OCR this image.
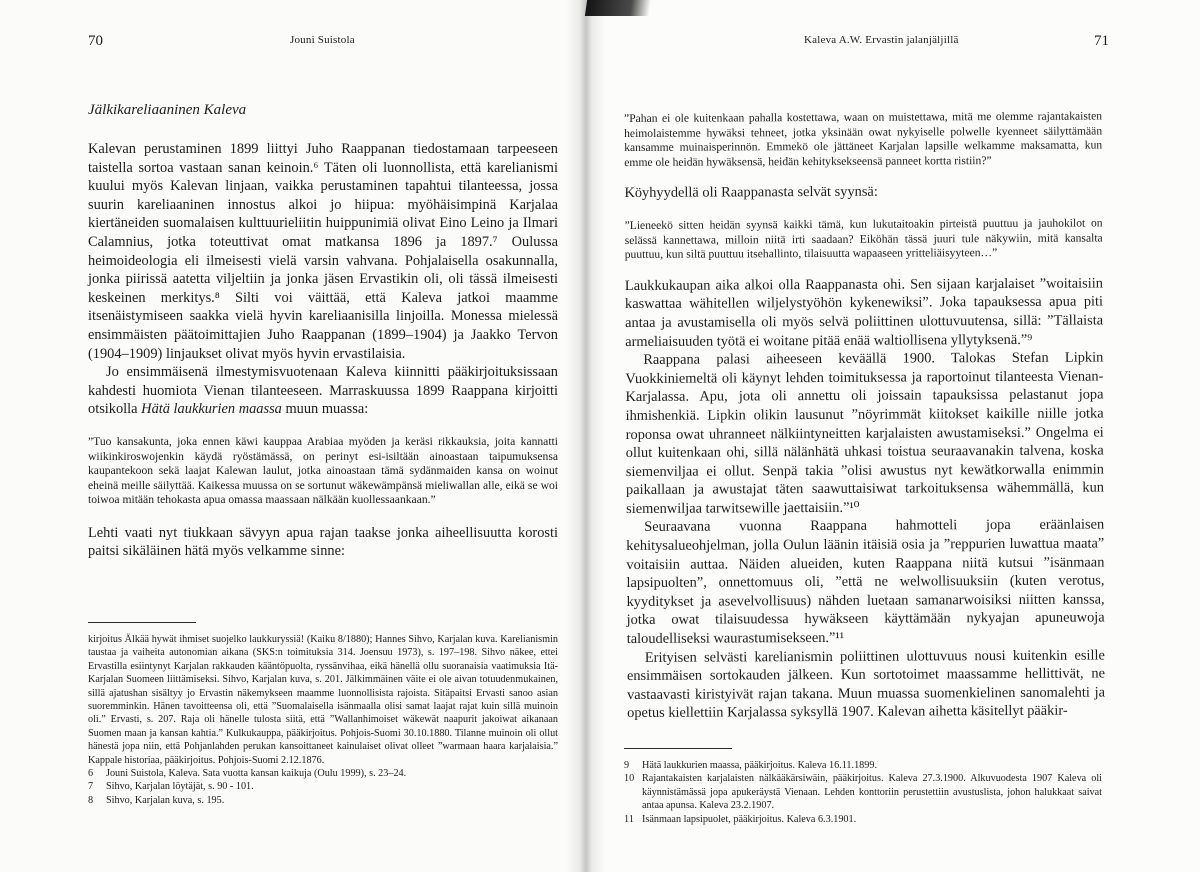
70	Jouni Suistola
Jälkikareliaaninen Kaleva

Kalevan perustaminen 1899 liittyi Juho Raappanan tiedostamaan tarpeeseen taistella sortoa vastaan sanan keinoin.⁶ Täten oli luonnollista, että karelianismi kuului myös Kalevan linjaan, vaikka perustaminen tapahtui tilanteessa, jossa suurin kareliaaninen innostus alkoi jo hiipua: myöhäisimpinä Karjalaa kiertäneiden suomalaisen kulttuurieliitin huippunimiä olivat Eino Leino ja Ilmari Calamnius, jotka toteuttivat omat matkansa 1896 ja 1897.⁷ Oulussa heimoideologia eli ilmeisesti vielä varsin vahvana. Pohjalaisella osakunnalla, jonka piirissä aatetta viljeltiin ja jonka jäsen Ervastikin oli, oli tässä ilmeisesti keskeinen merkitys.⁸ Silti voi väittää, että Kaleva jatkoi maamme itsenäistymiseen saakka vielä hyvin kareliaanisilla linjoilla. Monessa mielessä ensimmäisten päätoimittajien Juho Raappanan (1899–1904) ja Jaakko Tervon (1904–1909) linjaukset olivat myös hyvin ervastilaisia.

Jo ensimmäisenä ilmestymisvuotenaan Kaleva kiinnitti pääkirjoituksissaan kahdesti huomiota Vienan tilanteeseen. Marraskuussa 1899 Raappana kirjoitti otsikolla Hätä laukkurien maassa muun muassa:

”Tuo kansakunta, joka ennen käwi kauppaa Arabiaa myöden ja keräsi rikkauksia, joita kannatti wiikinkiroswojenkin käydä ryöstämässä, on perinyt esi-isiltään ainoastaan taipumuksensa kaupantekoon sekä laajat Kalewan laulut, jotka ainoastaan tämä sydänmaiden kansa on woinut eheinä meille säilyttää. Kaikessa muussa on se sortunut wäkewämpänsä mieliwallan alle, eikä se woi toiwoa mitään tehokasta apua omassa maassaan nälkään kuollessaankaan.”

Lehti vaati nyt tiukkaan sävyyn apua rajan taakse jonka aiheellisuutta korosti paitsi sikäläinen hätä myös velkamme sinne:

kirjoitus Älkää hywät ihmiset suojelko laukkuryssiä! (Kaiku 8/1880); Hannes Sihvo, Karjalan kuva. Karelianismin taustaa ja vaiheita autonomian aikana (SKS:n toimituksia 314. Joensuu 1973), s. 197–198. Sihvo näkee, ettei Ervastilla esiintynyt Karjalan rakkauden kääntöpuolta, ryssänvihaa, eikä hänellä ollu suoranaisia vaatimuksia Itä-Karjalan Suomeen liittämiseksi. Sihvo, Karjalan kuva, s. 201. Jälkimmäinen väite ei ole aivan totuudenmukainen, sillä ajatushan sisältyy jo Ervastin näkemykseen maamme luonnollisista rajoista. Sitäpaitsi Ervasti sanoo asian suoremminkin. Hänen tavoitteensa oli, että ”Suomalaisella isänmaalla olisi samat laajat rajat kuin sillä muinoin oli.” Ervasti, s. 207. Raja oli hänelle tulosta siitä, että ”Wallanhimoiset wäkewät naapurit jakoiwat aikanaan Suomen maan ja kansan kahtia.” Kulkukauppa, pääkirjoitus. Pohjois-Suomi 30.10.1880. Tilanne muinoin oli ollut hänestä jopa niin, että Pohjanlahden perukan kansoittaneet kainulaiset olivat olleet ”warmaan haara karjalaisia.” Kappale historiaa, pääkirjoitus. Pohjois-Suomi 2.12.1876.

6	Jouni Suistola, Kaleva. Sata vuotta kansan kaikuja (Oulu 1999), s. 23–24.
7	Sihvo, Karjalan löytäjät, s. 90 - 101.
8	Sihvo, Karjalan kuva, s. 195.
Kaleva A.W. Ervastin jalanjäljillä	71

”Pahan ei ole kuitenkaan pahalla kostettawa, waan on muistettawa, mitä me olemme rajantakaisten heimolaistemme hywäksi tehneet, jotka yksinään owat nykyiselle polwelle kyenneet säilyttämään kansamme muinaisperinnön. Emmekö ole jättäneet Karjalan lapsille welkamme maksamatta, kun emme ole heidän hywäksensä, heidän kehityksekseensä panneet kortta ristiin?”

Köyhyydellä oli Raappanasta selvät syynsä:

”Lieneekö sitten heidän syynsä kaikki tämä, kun lukutaitoakin pirteistä puuttuu ja jauhokilot on selässä kannettawa, milloin niitä irti saadaan? Eiköhän tässä juuri tule näkywiin, mitä kansalta puuttuu, kun siltä puuttuu itsehallinto, tilaisuutta wapaaseen yritteliäisyyteen…”

Laukkukaupan aika alkoi olla Raappanasta ohi. Sen sijaan karjalaiset ”woitaisiin kaswattaa wähitellen wiljelystyöhön kykenewiksi”. Joka tapauksessa apua piti antaa ja avustamisella oli myös selvä poliittinen ulottuvuutensa, sillä: ”Tällaista armeliaisuuden työtä ei woitane pitää enää waltiollisena yllytyksenä.”⁹

Raappana palasi aiheeseen keväällä 1900. Talokas Stefan Lipkin Vuokkiniemeltä oli käynyt lehden toimituksessa ja raportoinut tilanteesta Vienan-Karjalassa. Apu, jota oli annettu oli joissain tapauksissa pelastanut jopa ihmishenkiä. Lipkin olikin lausunut ”nöyrimmät kiitokset kaikille niille jotka roponsa owat uhranneet nälkiintyneitten karjalaisten awustamiseksi.” Ongelma ei ollut kuitenkaan ohi, sillä nälänhätä uhkasi toistua seuraavanakin talvena, koska siemenviljaa ei ollut. Senpä takia ”olisi awustus nyt kewätkorwalla enimmin paikallaan ja awustajat täten saawuttaisiwat tarkoituksensa wähemmällä, kun siemenwiljaa tarwitsewille jaettaisiin.”¹⁰

Seuraavana vuonna Raappana hahmotteli jopa eräänlaisen kehitysalueohjelman, jolla Oulun läänin itäisiä osia ja ”reppurien luwattua maata” voitaisiin auttaa. Näiden alueiden, kuten Raappana niitä kutsui ”isänmaan lapsipuolten”, onnettomuus oli, ”että ne welwollisuuksiin (kuten verotus, kyyditykset ja asevelvollisuus) nähden luetaan samanarwoisiksi niitten kanssa, jotka owat tilaisuudessa hywäkseen käyttämään nykyajan apuneuwoja taloudelliseksi waurastumisekseen.”¹¹

Erityisen selvästi karelianismin poliittinen ulottuvuus nousi kuitenkin esille ensimmäisen sortokauden jälkeen. Kun sortotoimet maassamme hellittivät, ne vastaavasti kiristyivät rajan takana. Muun muassa suomenkielinen sanomalehti ja opetus kiellettiin Karjalassa syksyllä 1907. Kalevan aihetta käsitellyt pääkir-

9	Hätä laukkurien maassa, pääkirjoitus. Kaleva 16.11.1899.
10 Rajantakaisten karjalaisten nälkääkärsiwäin, pääkirjoitus. Kaleva 27.3.1900. Alkuvuodesta 1907 Kaleva oli käynnistämässä jopa apukeräystä Vienaan. Lehden konttoriin perustettiin avustuslista, johon halukkaat saivat antaa apunsa. Kaleva 23.2.1907.
11 Isänmaan lapsipuolet, pääkirjoitus. Kaleva 6.3.1901.
